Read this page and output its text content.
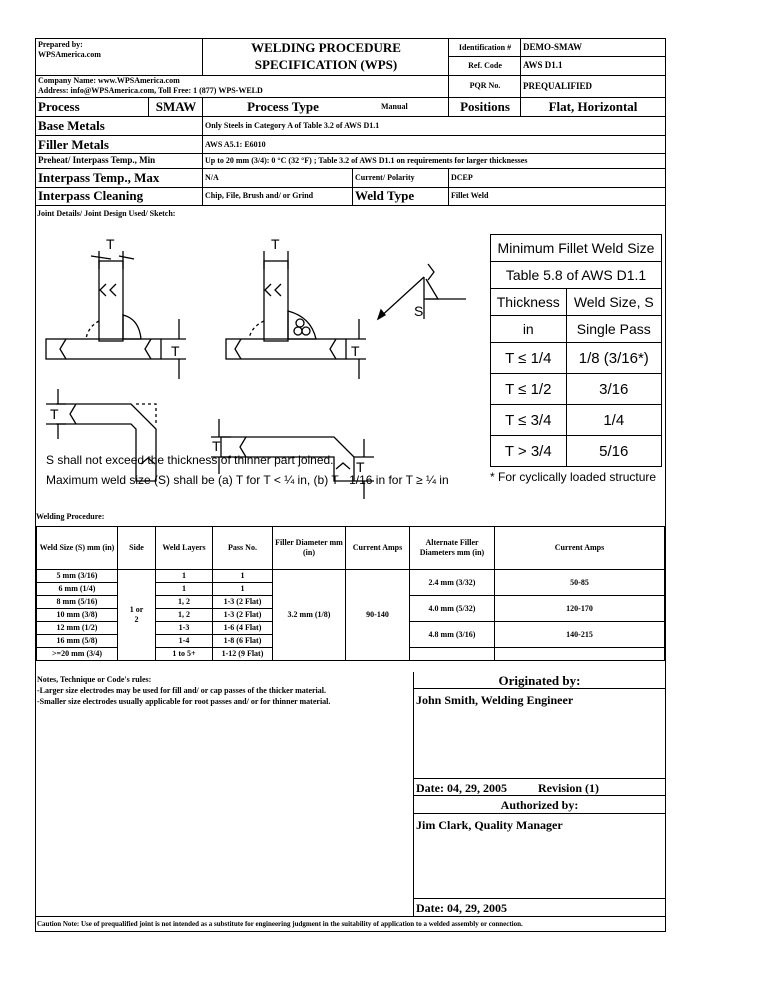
Prepared by:
WPSAmerica.com	WELDING PROCEDURE
SPECIFICATION (WPS)
Identification #	DEMO-SMAW
Ref. Code	AWS D1.1
Company Name: www.WPSAmerica.com
Address: info@WPSAmerica.com, Toll Free: 1 (877) WPS-WELD
PQR No.	PREQUALIFIED
Process	SMAW	Process Type	Manual	Positions	Flat, Horizontal
Base Metals	Only Steels in Category A of Table 3.2 of AWS D1.1
Filler Metals	AWS A5.1: E6010
Preheat/ Interpass Temp., Min	Up to 20 mm (3/4): 0 °C (32 °F) ; Table 3.2 of AWS D1.1 on requirements for larger thicknesses
Interpass Temp., Max	N/A	Current/ Polarity	DCEP
Interpass Cleaning	Chip, File, Brush and/ or Grind	Weld Type	Fillet Weld
Joint Details/ Joint Design Used/ Sketch:
T	T
T	T
T
T
T
S
S shall not exceed the thickness of thinner part joined.
Maximum weld size (S) shall be (a) T for T < ¼ in, (b) T - 1/16 in for T ≥ ¼ in
Minimum Fillet Weld Size	
Table 5.8 of AWS D1.1	
Thickness	Weld Size, S
in	Single Pass
T ≤ 1/4	1/8 (3/16*)
T ≤ 1/2	3/16
T ≤ 3/4	1/4
T > 3/4	5/16
* For cyclically loaded structure
Welding Procedure:
Weld Size (S) mm (in)	Side	Weld Layers	Pass No.	Filler Diameter mm (in)	Current Amps	Alternate Filler Diameters mm (in)	Current Amps
5 mm (3/16)	1 or 2	1	1	3.2 mm (1/8)	90-140	2.4 mm (3/32)	50-85
6 mm (1/4)		1	1				
8 mm (5/16)		1, 2	1-3 (2 Flat)			4.0 mm (5/32)	120-170
10 mm (3/8)		1, 2	1-3 (2 Flat)				
12 mm (1/2)		1-3	1-6 (4 Flat)			4.8 mm (3/16)	140-215
16 mm (5/8)		1-4	1-8 (6 Flat)				
>=20 mm (3/4)		1 to 5+	1-12 (9 Flat)				
Notes, Technique or Code's rules:
-Larger size electrodes may be used for fill and/ or cap passes of the thicker material.
-Smaller size electrodes usually applicable for root passes and/ or for thinner material.
Originated by:
John Smith, Welding Engineer
Date: 04, 29, 2005	Revision (1)
Authorized by:
Jim Clark, Quality Manager
Date: 04, 29, 2005
Caution Note: Use of prequalified joint is not intended as a substitute for engineering judgment in the suitability of application to a welded assembly or connection.
